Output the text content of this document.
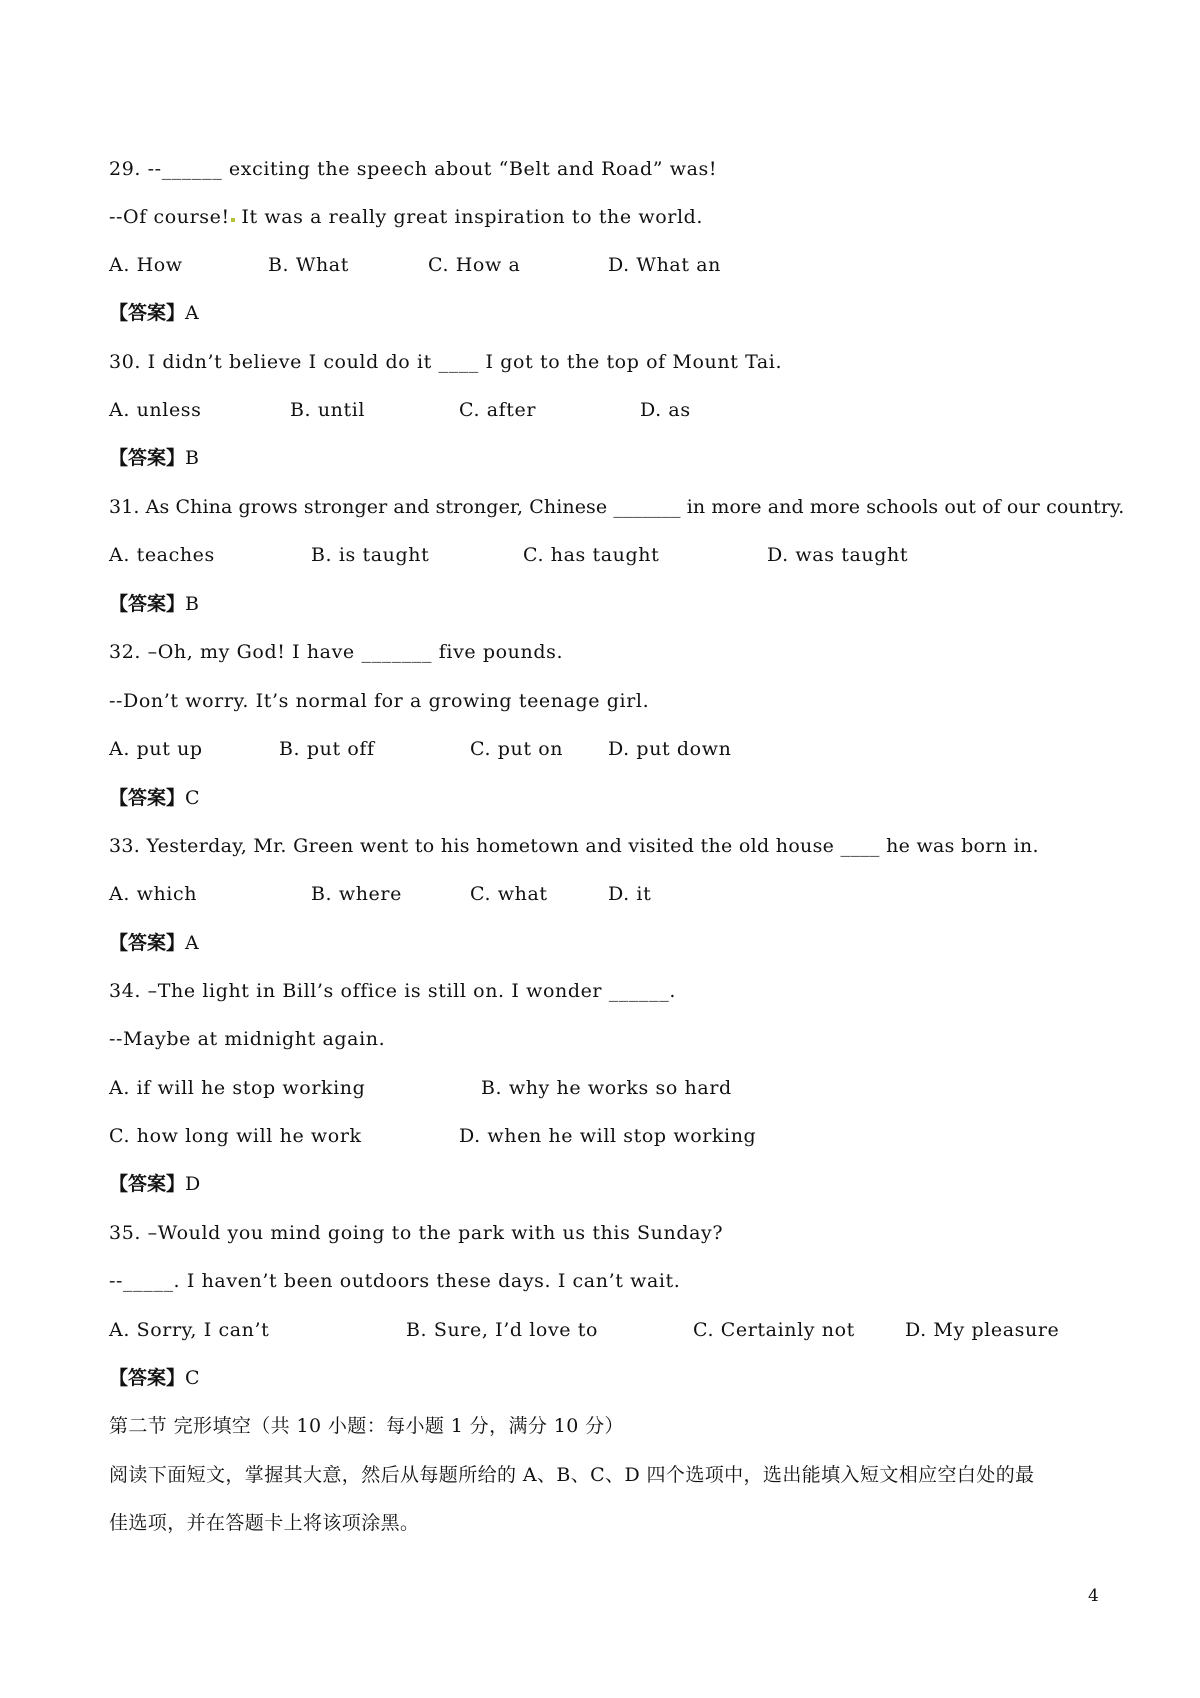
29. --______ exciting the speech about “Belt and Road” was!
--Of course! It was a really great inspiration to the world.
A. How	B. What	C. How a	D. What an
【答案】A
30. I didn’t believe I could do it ____ I got to the top of Mount Tai.
A. unless	B. until	C. after	D. as
【答案】B
31. As China grows stronger and stronger, Chinese _______ in more and more schools out of our country.
A. teaches	B. is taught	C. has taught	D. was taught
【答案】B
32. –Oh, my God! I have _______ five pounds.
--Don’t worry. It’s normal for a growing teenage girl.
A. put up	B. put off	C. put on D. put down
【答案】C
33. Yesterday, Mr. Green went to his hometown and visited the old house ____ he was born in.
A. which	B. where	C. what	D. it
【答案】A
34. –The light in Bill’s office is still on. I wonder ______.
--Maybe at midnight again.
A. if will he stop working	B. why he works so hard
C. how long will he work	D. when he will stop working
【答案】D
35. –Would you mind going to the park with us this Sunday?
--_____. I haven’t been outdoors these days. I can’t wait.
A. Sorry, I can’t	B. Sure, I’d love to	C. Certainly not	D. My pleasure
【答案】C
第二节 完形填空（共 10 小题：每小题 1 分，满分 10 分）
阅读下面短文，掌握其大意，然后从每题所给的 A、B、C、D 四个选项中，选出能填入短文相应空白处的最
佳选项，并在答题卡上将该项涂黑。
4
